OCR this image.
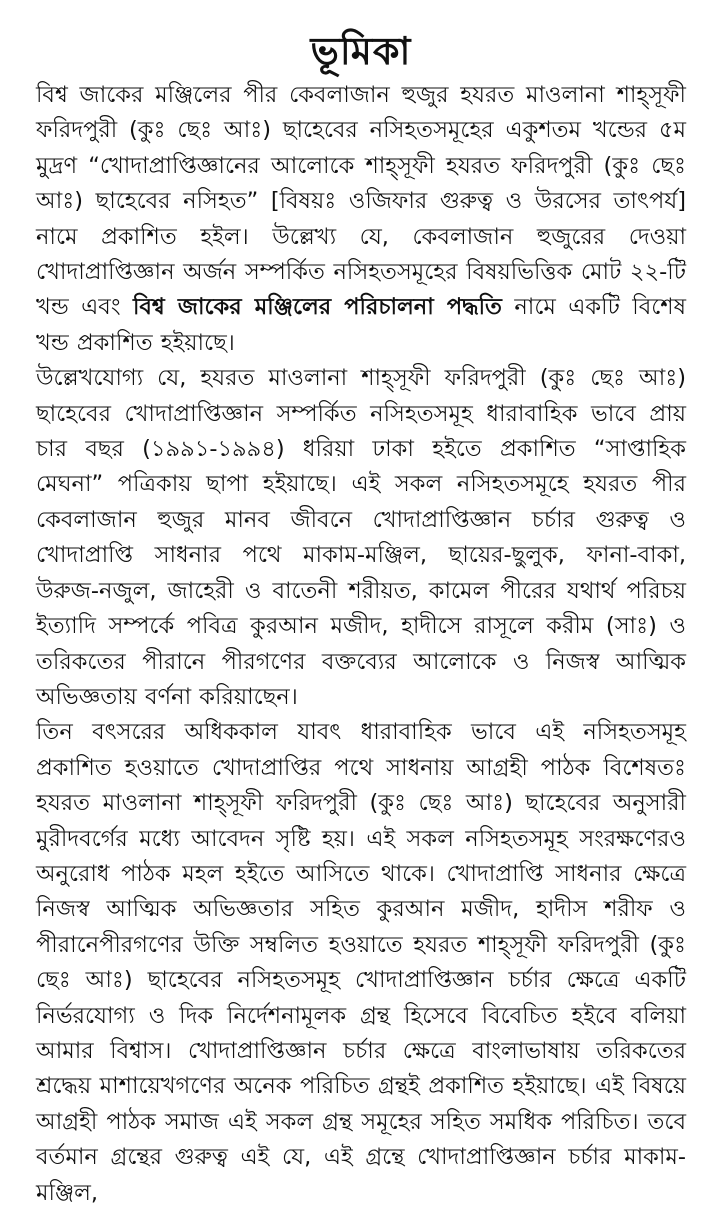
ভূমিকা

বিশ্ব জাকের মঞ্জিলের পীর কেবলাজান হুজুর হযরত মাওলানা শাহ্‌সূফী ফরিদপুরী (কুঃ ছেঃ আঃ) ছাহেবের নসিহতসমূহের একুশতম খন্ডের ৫ম মুদ্রণ “খোদাপ্রাপ্তিজ্ঞানের আলোকে শাহ্‌সূফী হযরত ফরিদপুরী (কুঃ ছেঃ আঃ) ছাহেবের নসিহত” [বিষয়ঃ ওজিফার গুরুত্ব ও উরসের তাৎপর্য] নামে প্রকাশিত হইল। উল্লেখ্য যে, কেবলাজান হুজুরের দেওয়া খোদাপ্রাপ্তিজ্ঞান অর্জন সম্পর্কিত নসিহতসমূহের বিষয়ভিত্তিক মোট ২২-টি খন্ড এবং বিশ্ব জাকের মঞ্জিলের পরিচালনা পদ্ধতি নামে একটি বিশেষ খন্ড প্রকাশিত হইয়াছে।

উল্লেখযোগ্য যে, হযরত মাওলানা শাহ্‌সূফী ফরিদপুরী (কুঃ ছেঃ আঃ) ছাহেবের খোদাপ্রাপ্তিজ্ঞান সম্পর্কিত নসিহতসমূহ ধারাবাহিক ভাবে প্রায় চার বছর (১৯৯১-১৯৯৪) ধরিয়া ঢাকা হইতে প্রকাশিত “সাপ্তাহিক মেঘনা” পত্রিকায় ছাপা হইয়াছে। এই সকল নসিহতসমূহে হযরত পীর কেবলাজান হুজুর মানব জীবনে খোদাপ্রাপ্তিজ্ঞান চর্চার গুরুত্ব ও খোদাপ্রাপ্তি সাধনার পথে মাকাম-মঞ্জিল, ছায়ের-ছুলুক, ফানা-বাকা, উরুজ-নজুল, জাহেরী ও বাতেনী শরীয়ত, কামেল পীরের যথার্থ পরিচয় ইত্যাদি সম্পর্কে পবিত্র কুরআন মজীদ, হাদীসে রাসূলে করীম (সাঃ) ও তরিকতের পীরানে পীরগণের বক্তব্যের আলোকে ও নিজস্ব আত্মিক অভিজ্ঞতায় বর্ণনা করিয়াছেন।

তিন বৎসরের অধিককাল যাবৎ ধারাবাহিক ভাবে এই নসিহতসমূহ প্রকাশিত হওয়াতে খোদাপ্রাপ্তির পথে সাধনায় আগ্রহী পাঠক বিশেষতঃ হযরত মাওলানা শাহ্‌সূফী ফরিদপুরী (কুঃ ছেঃ আঃ) ছাহেবের অনুসারী মুরীদবর্গের মধ্যে আবেদন সৃষ্টি হয়। এই সকল নসিহতসমূহ সংরক্ষণেরও অনুরোধ পাঠক মহল হইতে আসিতে থাকে। খোদাপ্রাপ্তি সাধনার ক্ষেত্রে নিজস্ব আত্মিক অভিজ্ঞতার সহিত কুরআন মজীদ, হাদীস শরীফ ও পীরানেপীরগণের উক্তি সম্বলিত হওয়াতে হযরত শাহ্‌সূফী ফরিদপুরী (কুঃ ছেঃ আঃ) ছাহেবের নসিহতসমূহ খোদাপ্রাপ্তিজ্ঞান চর্চার ক্ষেত্রে একটি নির্ভরযোগ্য ও দিক নির্দেশনামূলক গ্রন্থ হিসেবে বিবেচিত হইবে বলিয়া আমার বিশ্বাস। খোদাপ্রাপ্তিজ্ঞান চর্চার ক্ষেত্রে বাংলাভাষায় তরিকতের শ্রদ্ধেয় মাশায়েখগণের অনেক পরিচিত গ্রন্থই প্রকাশিত হইয়াছে। এই বিষয়ে আগ্রহী পাঠক সমাজ এই সকল গ্রন্থ সমূহের সহিত সমধিক পরিচিত। তবে বর্তমান গ্রন্থের গুরুত্ব এই যে, এই গ্রন্থে খোদাপ্রাপ্তিজ্ঞান চর্চার মাকাম-মঞ্জিল,
